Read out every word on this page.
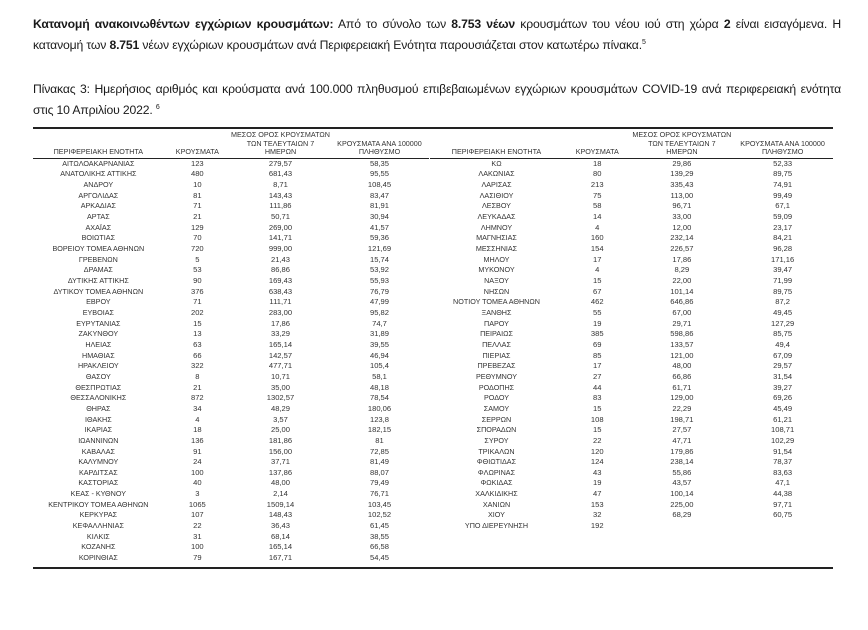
Κατανομή ανακοινωθέντων εγχώριων κρουσμάτων: Από το σύνολο των 8.753 νέων κρουσμάτων του νέου ιού στη χώρα 2 είναι εισαγόμενα. Η κατανομή των 8.751 νέων εγχώριων κρουσμάτων ανά Περιφερειακή Ενότητα παρουσιάζεται στον κατωτέρω πίνακα.$^5$

Πίνακας 3: Ημερήσιος αριθμός και κρούσματα ανά 100.000 πληθυσμού επιβεβαιωμένων εγχώριων κρουσμάτων COVID-19 ανά περιφερειακή ενότητα στις 10 Απριλίου 2022. $^6$

ΠΕΡΙΦΕΡΕΙΑΚΗ ΕΝΟΤΗΤΑ	ΚΡΟΥΣΜΑΤΑ	ΜΕΣΟΣ ΟΡΟΣ ΚΡΟΥΣΜΑΤΩΝ ΤΩΝ ΤΕΛΕΥΤΑΙΩΝ 7 ΗΜΕΡΩΝ	ΚΡΟΥΣΜΑΤΑ ΑΝΑ 100000 ΠΛΗΘΥΣΜΟ
ΑΙΤΩΛΟΑΚΑΡΝΑΝΙΑΣ	123	279,57	58,35
ΑΝΑΤΟΛΙΚΗΣ ΑΤΤΙΚΗΣ	480	681,43	95,55
ΑΝΔΡΟΥ	10	8,71	108,45
ΑΡΓΟΛΙΔΑΣ	81	143,43	83,47
ΑΡΚΑΔΙΑΣ	71	111,86	81,91
ΑΡΤΑΣ	21	50,71	30,94
ΑΧΑΪΑΣ	129	269,00	41,57
ΒΟΙΩΤΙΑΣ	70	141,71	59,36
ΒΟΡΕΙΟΥ ΤΟΜΕΑ ΑΘΗΝΩΝ	720	999,00	121,69
ΓΡΕΒΕΝΩΝ	5	21,43	15,74
ΔΡΑΜΑΣ	53	86,86	53,92
ΔΥΤΙΚΗΣ ΑΤΤΙΚΗΣ	90	169,43	55,93
ΔΥΤΙΚΟΥ ΤΟΜΕΑ ΑΘΗΝΩΝ	376	638,43	76,79
ΕΒΡΟΥ	71	111,71	47,99
ΕΥΒΟΙΑΣ	202	283,00	95,82
ΕΥΡΥΤΑΝΙΑΣ	15	17,86	74,7
ΖΑΚΥΝΘΟΥ	13	33,29	31,89
ΗΛΕΙΑΣ	63	165,14	39,55
ΗΜΑΘΙΑΣ	66	142,57	46,94
ΗΡΑΚΛΕΙΟΥ	322	477,71	105,4
ΘΑΣΟΥ	8	10,71	58,1
ΘΕΣΠΡΩΤΙΑΣ	21	35,00	48,18
ΘΕΣΣΑΛΟΝΙΚΗΣ	872	1302,57	78,54
ΘΗΡΑΣ	34	48,29	180,06
ΙΘΑΚΗΣ	4	3,57	123,8
ΙΚΑΡΙΑΣ	18	25,00	182,15
ΙΩΑΝΝΙΝΩΝ	136	181,86	81
ΚΑΒΑΛΑΣ	91	156,00	72,85
ΚΑΛΥΜΝΟΥ	24	37,71	81,49
ΚΑΡΔΙΤΣΑΣ	100	137,86	88,07
ΚΑΣΤΟΡΙΑΣ	40	48,00	79,49
ΚΕΑΣ - ΚΥΘΝΟΥ	3	2,14	76,71
ΚΕΝΤΡΙΚΟΥ ΤΟΜΕΑ ΑΘΗΝΩΝ	1065	1509,14	103,45
ΚΕΡΚΥΡΑΣ	107	148,43	102,52
ΚΕΦΑΛΛΗΝΙΑΣ	22	36,43	61,45
ΚΙΛΚΙΣ	31	68,14	38,55
ΚΟΖΑΝΗΣ	100	165,14	66,58
ΚΟΡΙΝΘΙΑΣ	79	167,71	54,45
ΠΕΡΙΦΕΡΕΙΑΚΗ ΕΝΟΤΗΤΑ	ΚΡΟΥΣΜΑΤΑ	ΜΕΣΟΣ ΟΡΟΣ ΚΡΟΥΣΜΑΤΩΝ ΤΩΝ ΤΕΛΕΥΤΑΙΩΝ 7 ΗΜΕΡΩΝ	ΚΡΟΥΣΜΑΤΑ ΑΝΑ 100000 ΠΛΗΘΥΣΜΟ
ΚΩ	18	29,86	52,33
ΛΑΚΩΝΙΑΣ	80	139,29	89,75
ΛΑΡΙΣΑΣ	213	335,43	74,91
ΛΑΣΙΘΙΟΥ	75	113,00	99,49
ΛΕΣΒΟΥ	58	96,71	67,1
ΛΕΥΚΑΔΑΣ	14	33,00	59,09
ΛΗΜΝΟΥ	4	12,00	23,17
ΜΑΓΝΗΣΙΑΣ	160	232,14	84,21
ΜΕΣΣΗΝΙΑΣ	154	226,57	96,28
ΜΗΛΟΥ	17	17,86	171,16
ΜΥΚΟΝΟΥ	4	8,29	39,47
ΝΑΞΟΥ	15	22,00	71,99
ΝΗΣΩΝ	67	101,14	89,75
ΝΟΤΙΟΥ ΤΟΜΕΑ ΑΘΗΝΩΝ	462	646,86	87,2
ΞΑΝΘΗΣ	55	67,00	49,45
ΠΑΡΟΥ	19	29,71	127,29
ΠΕΙΡΑΙΩΣ	385	598,86	85,75
ΠΕΛΛΑΣ	69	133,57	49,4
ΠΙΕΡΙΑΣ	85	121,00	67,09
ΠΡΕΒΕΖΑΣ	17	48,00	29,57
ΡΕΘΥΜΝΟΥ	27	66,86	31,54
ΡΟΔΟΠΗΣ	44	61,71	39,27
ΡΟΔΟΥ	83	129,00	69,26
ΣΑΜΟΥ	15	22,29	45,49
ΣΕΡΡΩΝ	108	198,71	61,21
ΣΠΟΡΑΔΩΝ	15	27,57	108,71
ΣΥΡΟΥ	22	47,71	102,29
ΤΡΙΚΑΛΩΝ	120	179,86	91,54
ΦΘΙΩΤΙΔΑΣ	124	238,14	78,37
ΦΛΩΡΙΝΑΣ	43	55,86	83,63
ΦΩΚΙΔΑΣ	19	43,57	47,1
ΧΑΛΚΙΔΙΚΗΣ	47	100,14	44,38
ΧΑΝΙΩΝ	153	225,00	97,71
ΧΙΟΥ	32	68,29	60,75
ΥΠΟ ΔΙΕΡΕΥΝΗΣΗ	192		
